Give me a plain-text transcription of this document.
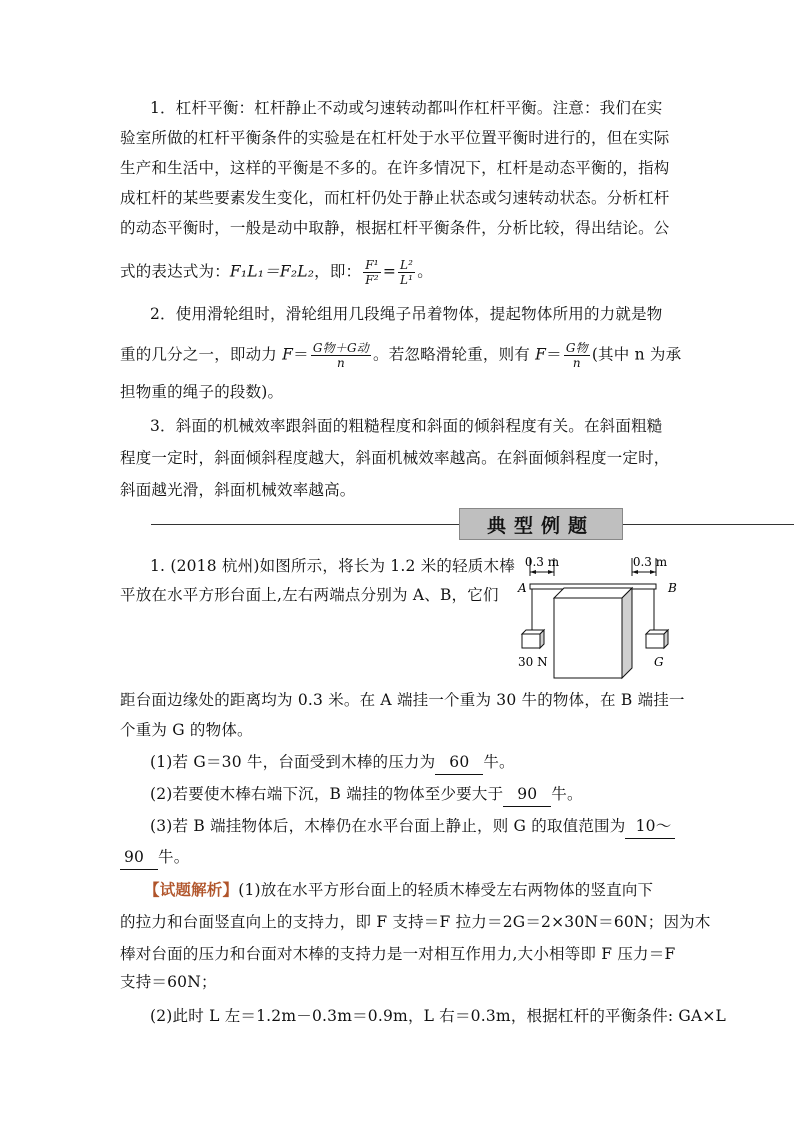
1．杠杆平衡：杠杆静止不动或匀速转动都叫作杠杆平衡。注意：我们在实
验室所做的杠杆平衡条件的实验是在杠杆处于水平位置平衡时进行的，但在实际
生产和生活中，这样的平衡是不多的。在许多情况下，杠杆是动态平衡的，指构
成杠杆的某些要素发生变化，而杠杆仍处于静止状态或匀速转动状态。分析杠杆
的动态平衡时，一般是动中取静，根据杠杆平衡条件，分析比较，得出结论。公
式的表达式为：F₁L₁＝F₂L₂，即： $\frac{\text{F¹}}{\text{F²}} = \frac{\text{L²}}{\text{L¹}}$ 。
2．使用滑轮组时，滑轮组用几段绳子吊着物体，提起物体所用的力就是物
重的几分之一，即动力 $F= \frac{\text{G物＋G动}}{n}$ 。若忽略滑轮重，则有 $F= \frac{\text{G物}}{n}$ (其中 n 为承
担物重的绳子的段数)。
3．斜面的机械效率跟斜面的粗糙程度和斜面的倾斜程度有关。在斜面粗糙
程度一定时，斜面倾斜程度越大，斜面机械效率越高。在斜面倾斜程度一定时，
斜面越光滑，斜面机械效率越高。
典型例题
1. (2018 杭州)如图所示，将长为 1.2 米的轻质木棒
平放在水平方形台面上,左右两端点分别为 A、B，它们
0.3 m	0.3 m
A	B
30 N	G
距台面边缘处的距离均为 0.3 米。在 A 端挂一个重为 30 牛的物体，在 B 端挂一
个重为 G 的物体。
(1)若 G＝30 牛，台面受到木棒的压力为 60 牛。
(2)若要使木棒右端下沉，B 端挂的物体至少要大于 90 牛。
(3)若 B 端挂物体后，木棒仍在水平台面上静止，则 G 的取值范围为 10～
90 牛。
【试题解析】(1)放在水平方形台面上的轻质木棒受左右两物体的竖直向下
的拉力和台面竖直向上的支持力，即 F 支持＝F 拉力＝2G＝2×30N＝60N；因为木
棒对台面的压力和台面对木棒的支持力是一对相互作用力,大小相等即 F 压力＝F
支持＝60N；
(2)此时 L 左＝1.2m－0.3m＝0.9m，L 右＝0.3m，根据杠杆的平衡条件: GA×L
